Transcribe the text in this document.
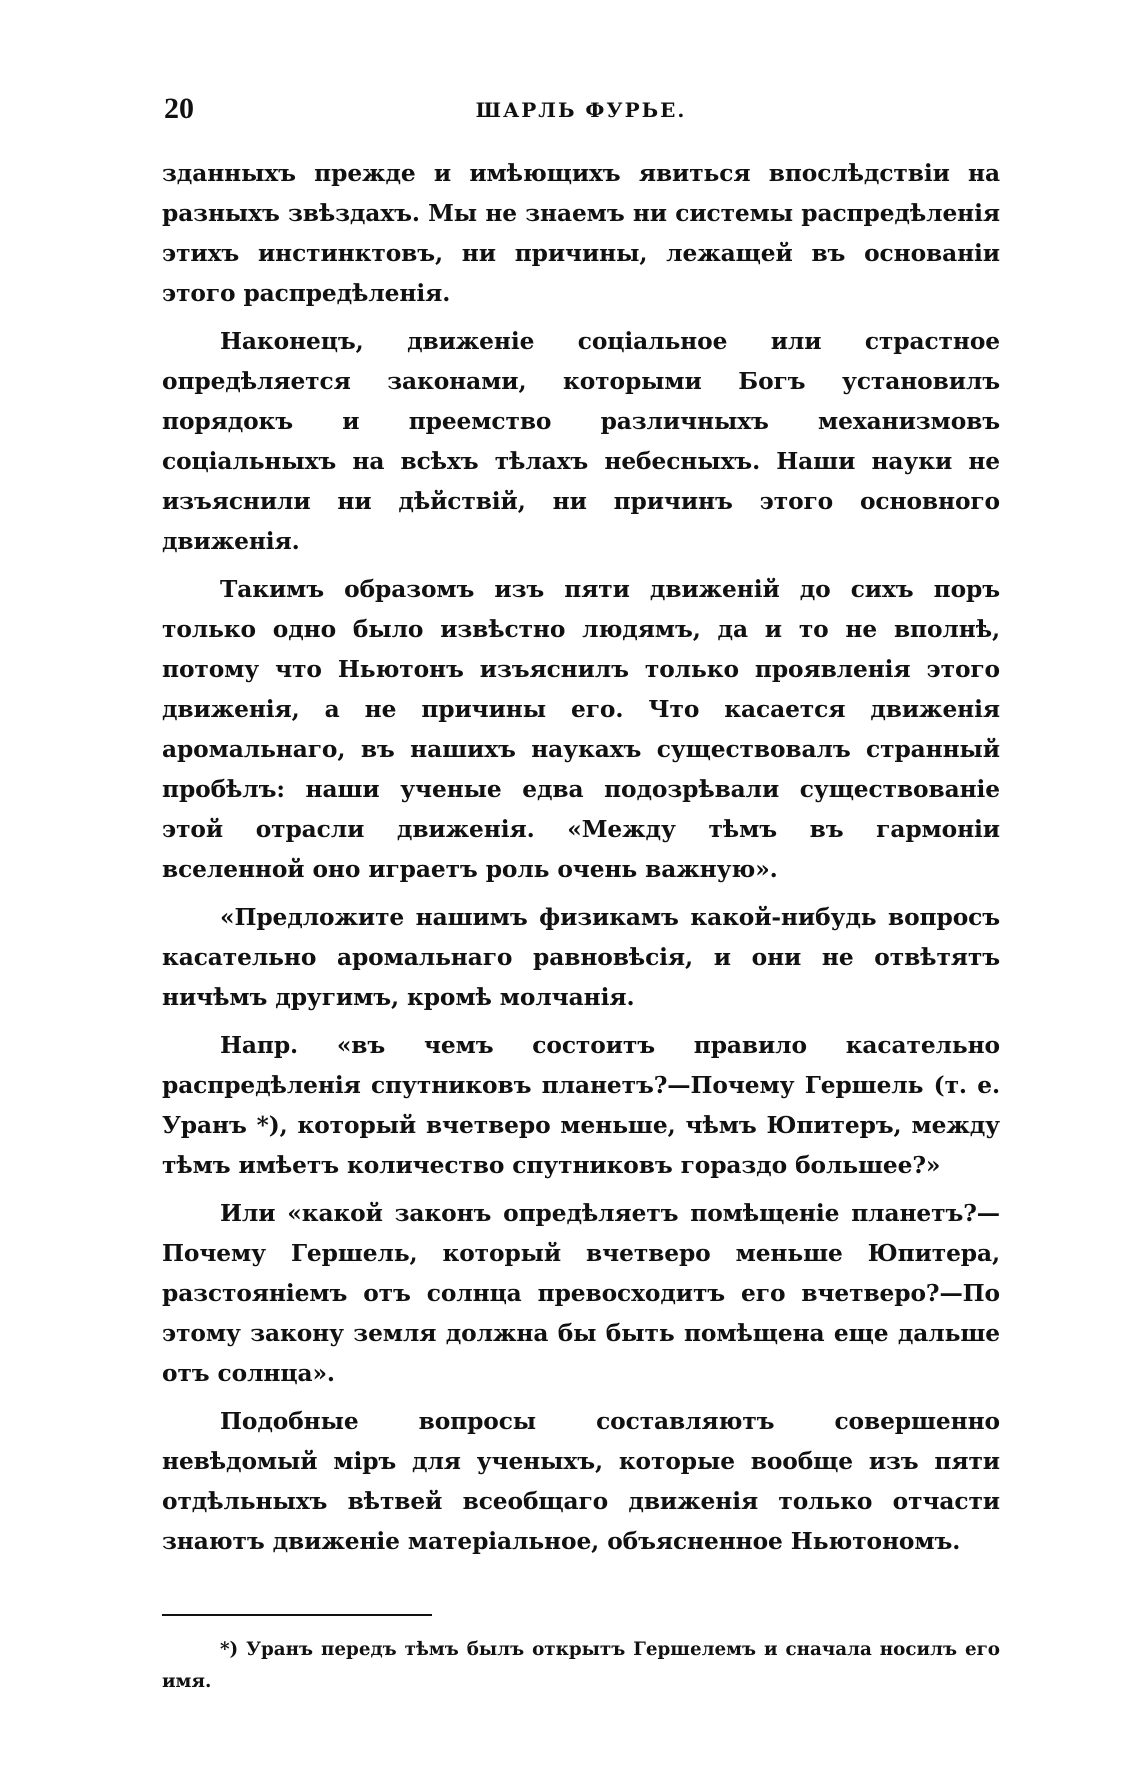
20	ШАРЛЬ ФУРЬЕ.

зданныхъ прежде и имѣющихъ явиться впослѣдствіи на разныхъ звѣздахъ. Мы не знаемъ ни системы распредѣленія этихъ инстинктовъ, ни причины, лежащей въ основаніи этого распредѣленія.

Наконецъ, движеніе соціальное или страстное опредѣляется законами, которыми Богъ установилъ порядокъ и преемство различныхъ механизмовъ соціальныхъ на всѣхъ тѣлахъ небесныхъ. Наши науки не изъяснили ни дѣйствій, ни причинъ этого основного движенія.

Такимъ образомъ изъ пяти движеній до сихъ поръ только одно было извѣстно людямъ, да и то не вполнѣ, потому что Ньютонъ изъяснилъ только проявленія этого движенія, а не причины его. Что касается движенія аромальнаго, въ нашихъ наукахъ существовалъ странный пробѣлъ: наши ученые едва подозрѣвали существованіе этой отрасли движенія. «Между тѣмъ въ гармоніи вселенной оно играетъ роль очень важную».

«Предложите нашимъ физикамъ какой-нибудь вопросъ касательно аромальнаго равновѣсія, и они не отвѣтятъ ничѣмъ другимъ, кромѣ молчанія.

Напр. «въ чемъ состоитъ правило касательно распредѣленія спутниковъ планетъ?—Почему Гершель (т. е. Уранъ *), который вчетверо меньше, чѣмъ Юпитеръ, между тѣмъ имѣетъ количество спутниковъ гораздо большее?»

Или «какой законъ опредѣляетъ помѣщеніе планетъ?—Почему Гершель, который вчетверо меньше Юпитера, разстояніемъ отъ солнца превосходитъ его вчетверо?—По этому закону земля должна бы быть помѣщена еще дальше отъ солнца».

Подобные вопросы составляютъ совершенно невѣдомый міръ для ученыхъ, которые вообще изъ пяти отдѣльныхъ вѣтвей всеобщаго движенія только отчасти знаютъ движеніе матеріальное, объясненное Ньютономъ.

*) Уранъ передъ тѣмъ былъ открытъ Гершелемъ и сначала носилъ его имя.
